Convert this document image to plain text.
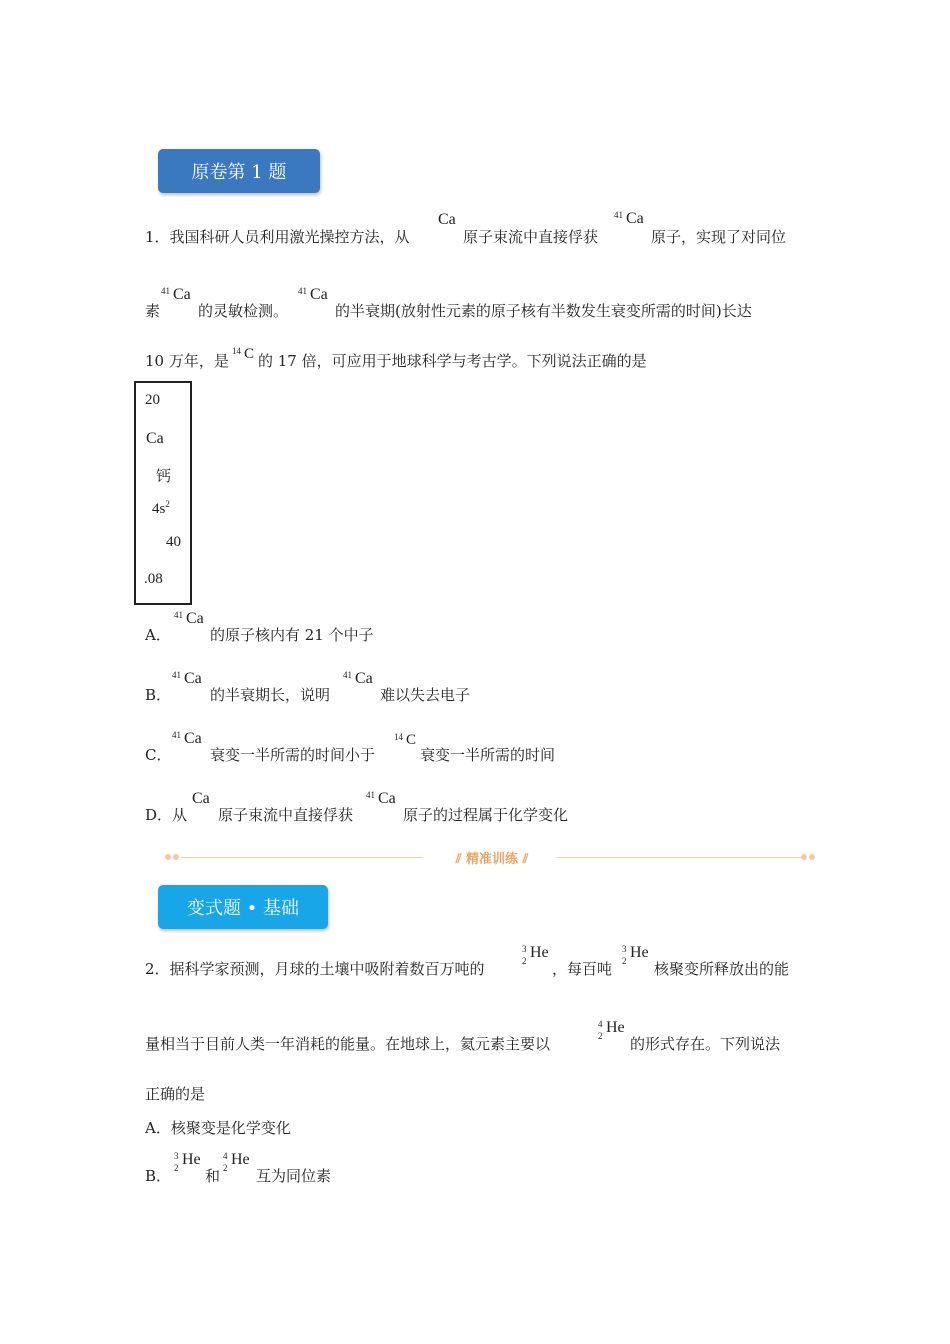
原卷第 1 题
1．我国科研人员利用激光操控方法，从
Ca
原子束流中直接俘获
41 Ca
原子，实现了对同位
素
41 Ca
的灵敏检测。
41 Ca
的半衰期(放射性元素的原子核有半数发生衰变所需的时间)长达
10 万年，是
14 C 的 17 倍，可应用于地球科学与考古学。下列说法正确的是
20
Ca
钙
$4s^2$
40
.08
A．
41 Ca
的原子核内有 21 个中子
B．
41 Ca
的半衰期长，说明
41 Ca
难以失去电子
C．
41 Ca
衰变一半所需的时间小于
14 C
衰变一半所需的时间
D．从
Ca
原子束流中直接俘获
41 Ca
原子的过程属于化学变化
⫽ 精准训练 ⫽
变式题 • 基础
2．据科学家预测，月球的土壤中吸附着数百万吨的
3
2 He
，每百吨
3
2 He
核聚变所释放出的能
量相当于目前人类一年消耗的能量。在地球上，氦元素主要以
4
2 He
的形式存在。下列说法
正确的是
A．核聚变是化学变化
B．
3
2 He
和
4
2 He
互为同位素
